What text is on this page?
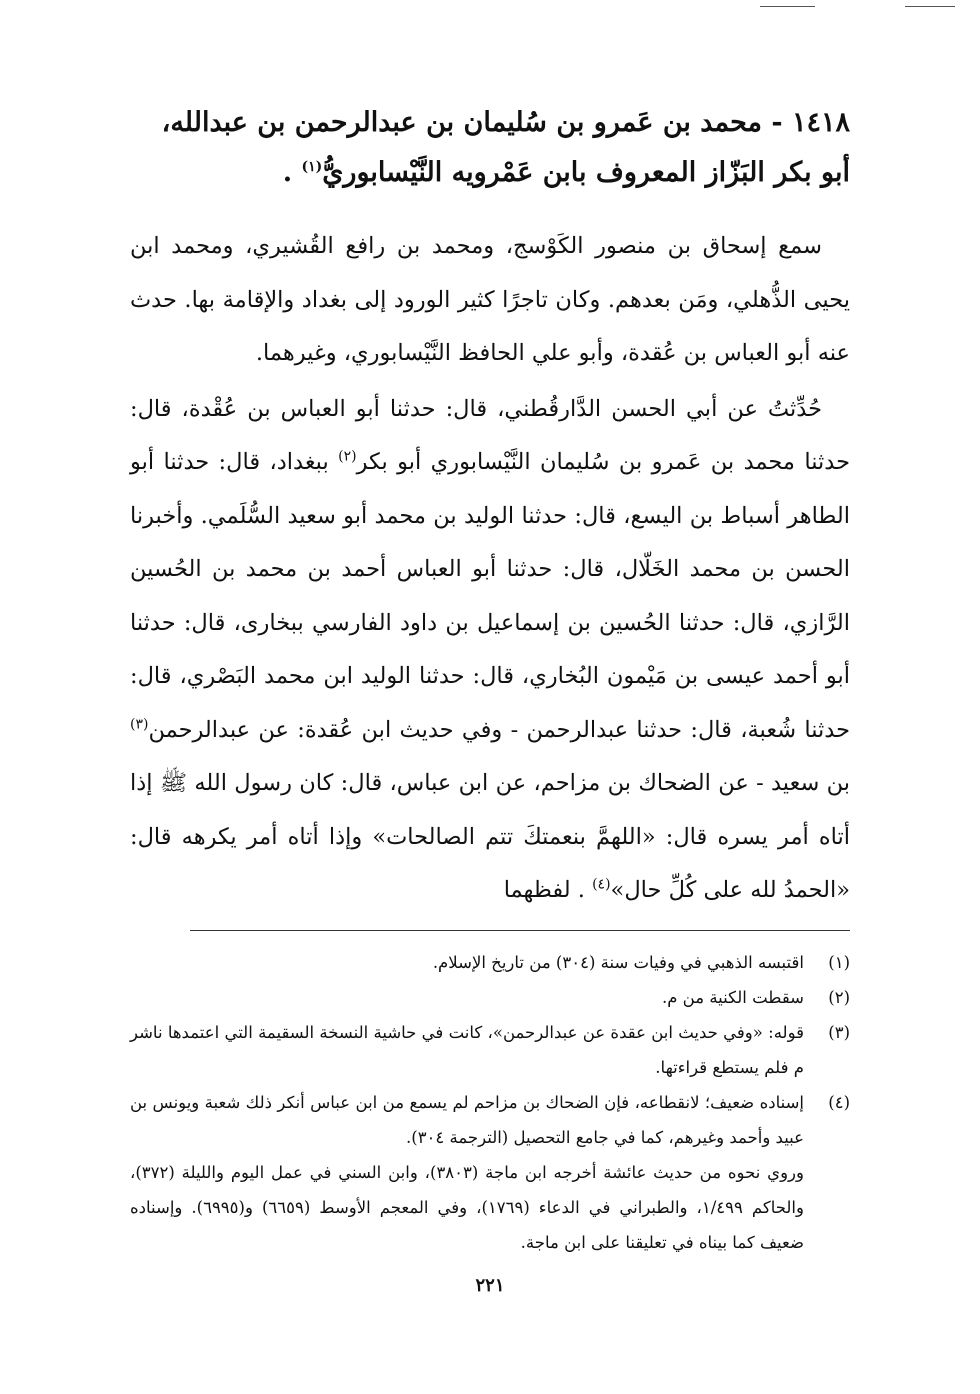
١٤١٨ - محمد بن عَمرو بن سُليمان بن عبدالرحمن بن عبدالله،
أبو بكر البَزّاز المعروف بابن عَمْرويه النَّيْسابوريُّ$^{(١)}$ .

سمع إسحاق بن منصور الكَوْسج، ومحمد بن رافع القُشيري، ومحمد ابن يحيى الذُّهلي، ومَن بعدهم. وكان تاجرًا كثير الورود إلى بغداد والإقامة بها. حدث عنه أبو العباس بن عُقدة، وأبو علي الحافظ النَّيْسابوري، وغيرهما.

حُدِّثتُ عن أبي الحسن الدَّارقُطني، قال: حدثنا أبو العباس بن عُقْدة، قال: حدثنا محمد بن عَمرو بن سُليمان النَّيْسابوري أبو بكر$^{(٢)}$ ببغداد، قال: حدثنا أبو الطاهر أسباط بن اليسع، قال: حدثنا الوليد بن محمد أبو سعيد السُّلَمي. وأخبرنا الحسن بن محمد الخَلّال، قال: حدثنا أبو العباس أحمد بن محمد بن الحُسين الرَّازي، قال: حدثنا الحُسين بن إسماعيل بن داود الفارسي ببخارى، قال: حدثنا أبو أحمد عيسى بن مَيْمون البُخاري، قال: حدثنا الوليد ابن محمد البَصْري، قال: حدثنا شُعبة، قال: حدثنا عبدالرحمن - وفي حديث ابن عُقدة: عن عبدالرحمن$^{(٣)}$ بن سعيد - عن الضحاك بن مزاحم، عن ابن عباس، قال: كان رسول الله ﷺ إذا أتاه أمر يسره قال: «اللهمَّ بنعمتكَ تتم الصالحات» وإذا أتاه أمر يكرهه قال: «الحمدُ لله على كُلِّ حال»$^{(٤)}$ . لفظهما

(١)
اقتبسه الذهبي في وفيات سنة (٣٠٤) من تاريخ الإسلام.
(٢)
سقطت الكنية من م.
(٣)
قوله: «وفي حديث ابن عقدة عن عبدالرحمن»، كانت في حاشية النسخة السقيمة التي اعتمدها ناشر م فلم يستطع قراءتها.
(٤)
إسناده ضعيف؛ لانقطاعه، فإن الضحاك بن مزاحم لم يسمع من ابن عباس أنكر ذلك شعبة ويونس بن عبيد وأحمد وغيرهم، كما في جامع التحصيل (الترجمة ٣٠٤).
وروي نحوه من حديث عائشة أخرجه ابن ماجة (٣٨٠٣)، وابن السني في عمل اليوم والليلة (٣٧٢)، والحاكم ١/٤٩٩، والطبراني في الدعاء (١٧٦٩)، وفي المعجم الأوسط (٦٦٥٩) و(٦٩٩٥). وإسناده ضعيف كما بيناه في تعليقنا على ابن ماجة.
٢٢١
